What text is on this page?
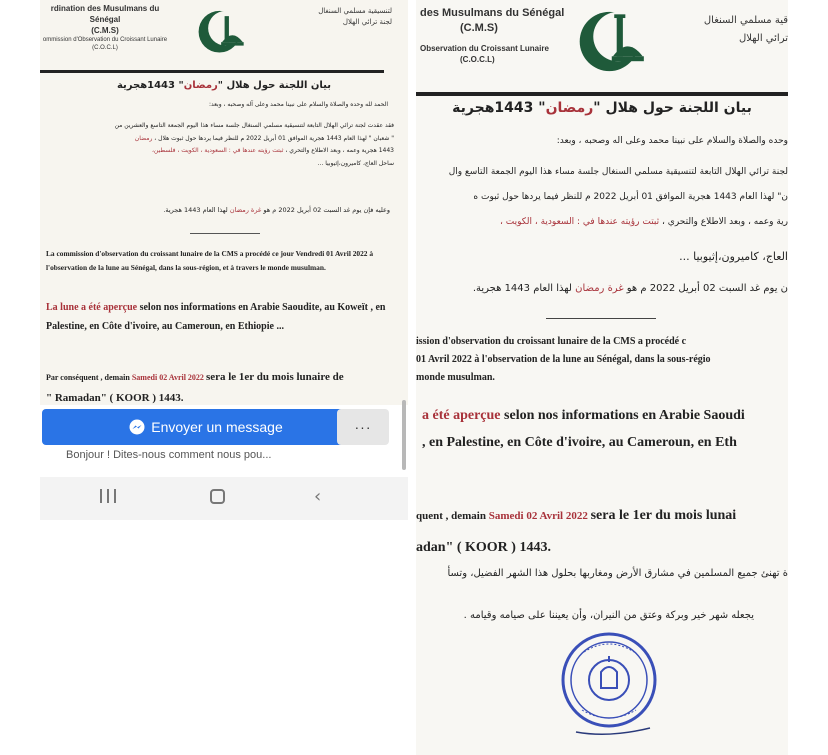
rdination des Musulmans du Sénégal
(C.M.S)
ommission d'Observation du Croissant Lunaire
(C.O.C.L)
لتنسيقية مسلمي السنغال
لجنة ترائي الهلال
بيان اللجنة حول هلال "رمضان" 1443هجرية
الحمد لله وحده والصلاة والسلام على نبينا محمد وعلى آله وصحبه ، وبعد:
فقد عقدت لجنة ترائي الهلال التابعة لتنسيقية مسلمي السنغال جلسة مساء هذا اليوم الجمعة التاسع والعشرين من
" شعبان " لهذا العام 1443 هجرية الموافق 01 أبريل 2022 م للنظر فيما يردها حول ثبوت هلال ، رمضان
1443 هجرية وعمه ، وبعد الاطلاع والتحري ، ثبتت رؤيته عندها في : السعودية ، الكويت ، فلسطين،
ساحل العاج، كاميرون،إثيوبيا ...
وعليه فإن يوم غد السبت 02 أبريل 2022 م هو غرة رمضان لهذا العام 1443 هجرية.
La commission d'observation du croissant lunaire de la CMS a procédé ce jour Vendredi 01 Avril 2022 à l'observation de la lune au Sénégal, dans la sous-région, et à travers le monde musulman.
La lune a été aperçue selon nos informations en Arabie Saoudite, au Koweït , en Palestine, en Côte d'ivoire, au Cameroun, en Ethiopie ...
Par conséquent , demain Samedi 02 Avril 2022 sera le 1er du mois lunaire de
" Ramadan" ( KOOR ) 1443.
Envoyer un message	···
Bonjour ! Dites-nous comment nous pou...
‹
des Musulmans du Sénégal
(C.M.S)
Observation du Croissant Lunaire
(C.O.C.L)
قية مسلمي السنغال
ترائي الهلال
بيان اللجنة حول هلال "رمضان" 1443هجرية
وحده والصلاة والسلام على نبينا محمد وعلى آله وصحبه ، وبعد:
لجنة ترائي الهلال التابعة لتنسيقية مسلمي السنغال جلسة مساء هذا اليوم الجمعة التاسع وال
ن" لهذا العام 1443 هجرية الموافق 01 أبريل 2022 م للنظر فيما يردها حول ثبوت ه
رية وعمه ، وبعد الاطلاع والتحري ، ثبتت رؤيته عندها في : السعودية ، الكويت ،
العاج، كاميرون،إثيوبيا ...
ن يوم غد السبت 02 أبريل 2022 م هو غرة رمضان لهذا العام 1443 هجرية.
ission d'observation du croissant lunaire de la CMS a procédé c
01 Avril 2022 à l'observation de la lune au Sénégal, dans la sous-régio
monde musulman.
a été aperçue selon nos informations en Arabie Saoudi
, en Palestine, en Côte d'ivoire, au Cameroun, en Eth
quent , demain Samedi 02 Avril 2022 sera le 1er du mois lunai
adan" ( KOOR ) 1443.
ة تهنئ جميع المسلمين في مشارق الأرض ومغاربها بحلول هذا الشهر الفضيل، وتسأ
يجعله شهر خير وبركة وعتق من النيران، وأن يعيننا على صيامه وقيامه .
